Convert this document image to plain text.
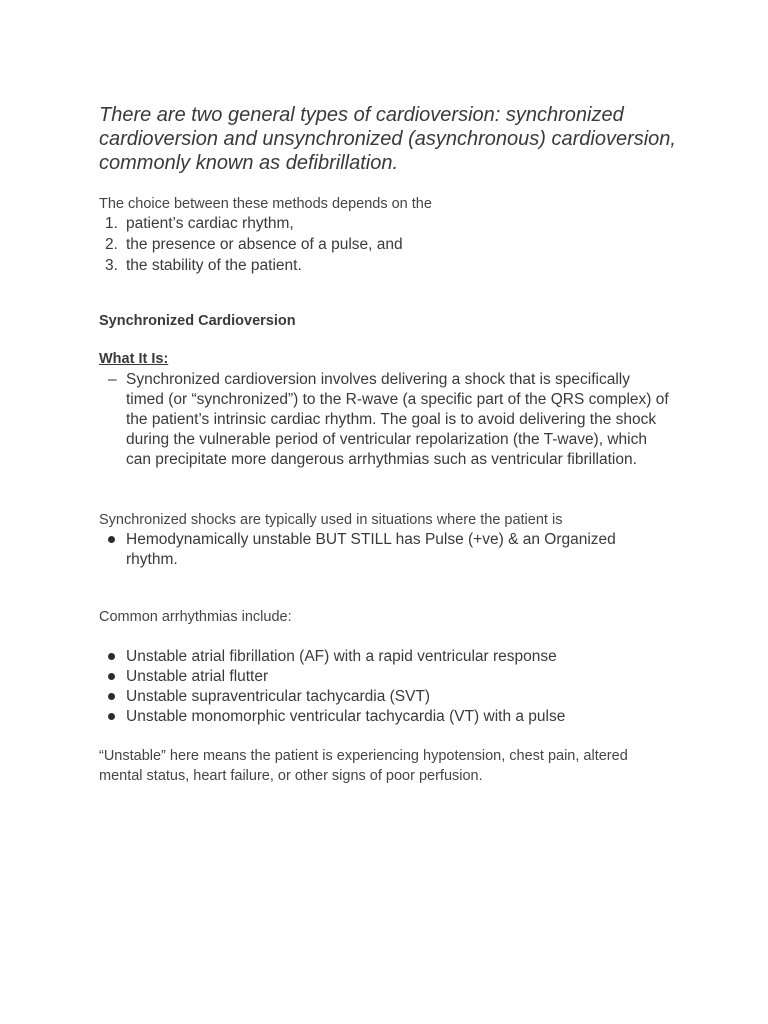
There are two general types of cardioversion: synchronized cardioversion and unsynchronized (asynchronous) cardioversion, commonly known as defibrillation.

The choice between these methods depends on the

1. patient’s cardiac rhythm,
2. the presence or absence of a pulse, and
3. the stability of the patient.
Synchronized Cardioversion
What It Is:
– Synchronized cardioversion involves delivering a shock that is specifically timed (or “synchronized”) to the R-wave (a specific part of the QRS complex) of the patient’s intrinsic cardiac rhythm. The goal is to avoid delivering the shock during the vulnerable period of ventricular repolarization (the T-wave), which can precipitate more dangerous arrhythmias such as ventricular fibrillation.

Synchronized shocks are typically used in situations where the patient is

Hemodynamically unstable BUT STILL has Pulse (+ve) & an Organized rhythm.

Common arrhythmias include:

Unstable atrial fibrillation (AF) with a rapid ventricular response
Unstable atrial flutter
Unstable supraventricular tachycardia (SVT)
Unstable monomorphic ventricular tachycardia (VT) with a pulse

“Unstable” here means the patient is experiencing hypotension, chest pain, altered mental status, heart failure, or other signs of poor perfusion.
